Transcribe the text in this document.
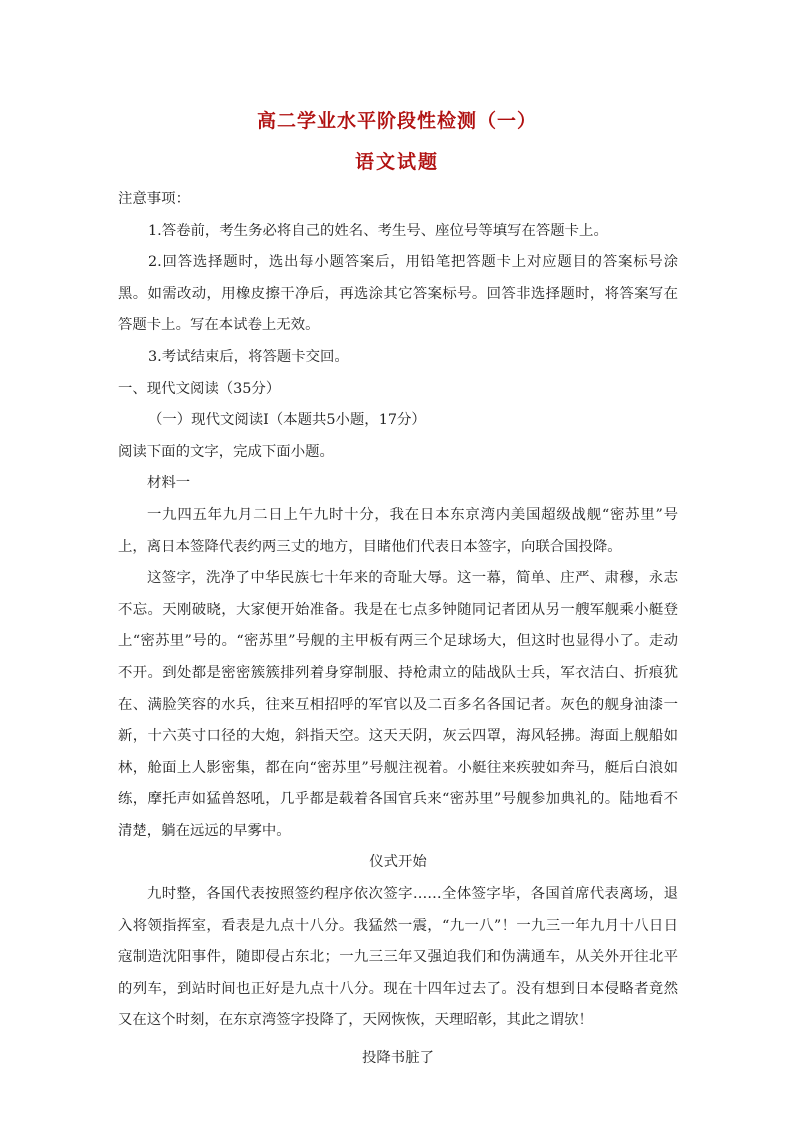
高二学业水平阶段性检测（一）
语文试题

注意事项：

1.答卷前，考生务必将自己的姓名、考生号、座位号等填写在答题卡上。

2.回答选择题时，选出每小题答案后，用铅笔把答题卡上对应题目的答案标号涂黑。如需改动，用橡皮擦干净后，再选涂其它答案标号。回答非选择题时，将答案写在答题卡上。写在本试卷上无效。

3.考试结束后，将答题卡交回。

一、现代文阅读（35分）

（一）现代文阅读Ⅰ（本题共5小题，17分）

阅读下面的文字，完成下面小题。

材料一

一九四五年九月二日上午九时十分，我在日本东京湾内美国超级战舰“密苏里”号上，离日本签降代表约两三丈的地方，目睹他们代表日本签字，向联合国投降。

这签字，洗净了中华民族七十年来的奇耻大辱。这一幕，简单、庄严、肃穆，永志不忘。天刚破晓，大家便开始准备。我是在七点多钟随同记者团从另一艘军舰乘小艇登上“密苏里”号的。“密苏里”号舰的主甲板有两三个足球场大，但这时也显得小了。走动不开。到处都是密密簇簇排列着身穿制服、持枪肃立的陆战队士兵，军衣洁白、折痕犹在、满脸笑容的水兵，往来互相招呼的军官以及二百多名各国记者。灰色的舰身油漆一新，十六英寸口径的大炮，斜指天空。这天天阴，灰云四罩，海风轻拂。海面上舰船如林，舱面上人影密集，都在向“密苏里”号舰注视着。小艇往来疾驶如奔马，艇后白浪如练，摩托声如猛兽怒吼，几乎都是载着各国官兵来“密苏里”号舰参加典礼的。陆地看不清楚，躺在远远的早雾中。

仪式开始

九时整，各国代表按照签约程序依次签字……全体签字毕，各国首席代表离场，退入将领指挥室，看表是九点十八分。我猛然一震，“九一八”！一九三一年九月十八日日寇制造沈阳事件，随即侵占东北；一九三三年又强迫我们和伪满通车，从关外开往北平的列车，到站时间也正好是九点十八分。现在十四年过去了。没有想到日本侵略者竟然又在这个时刻，在东京湾签字投降了，天网恢恢，天理昭彰，其此之谓欤！

投降书脏了
